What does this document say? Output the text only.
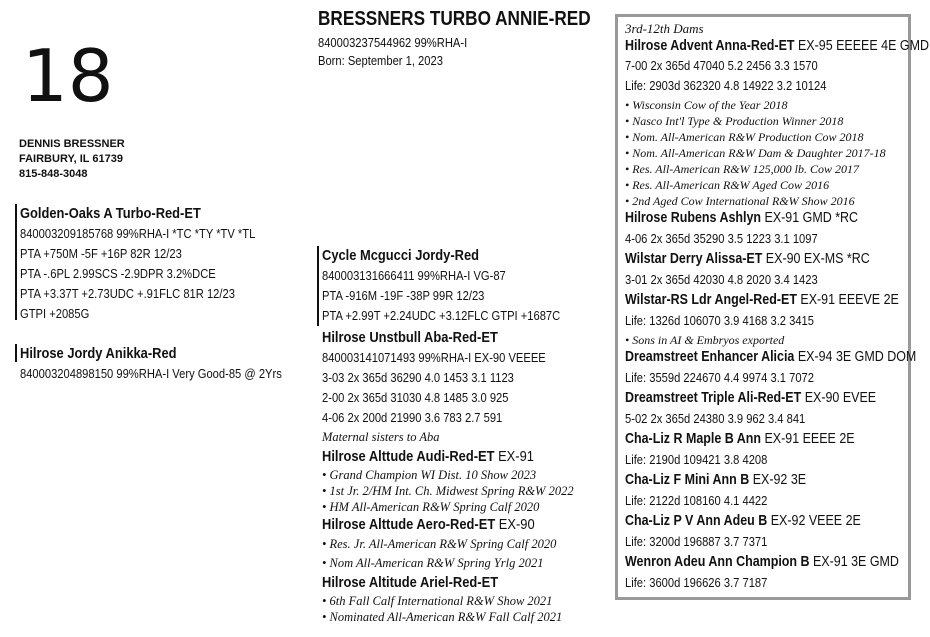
18
DENNIS BRESSNER
FAIRBURY, IL 61739
815-848-3048
BRESSNERS TURBO ANNIE-RED
840003237544962 99%RHA-I
Born: September 1, 2023
Golden-Oaks A Turbo-Red-ET
840003209185768 99%RHA-I *TC *TY *TV *TL
PTA +750M -5F +16P 82R 12/23
PTA -.6PL 2.99SCS -2.9DPR 3.2%DCE
PTA +3.37T +2.73UDC +.91FLC 81R 12/23
GTPI +2085G
Hilrose Jordy Anikka-Red
840003204898150 99%RHA-I Very Good-85 @ 2Yrs
Cycle Mcgucci Jordy-Red
840003131666411 99%RHA-I VG-87
PTA -916M -19F -38P 99R 12/23
PTA +2.99T +2.24UDC +3.12FLC GTPI +1687C
Hilrose Unstbull Aba-Red-ET
840003141071493 99%RHA-I EX-90 VEEEE
3-03 2x 365d 36290 4.0 1453 3.1 1123
2-00 2x 365d 31030 4.8 1485 3.0 925
4-06 2x 200d 21990 3.6 783 2.7 591
Maternal sisters to Aba
Hilrose Alttude Audi-Red-ET EX-91
• Grand Champion WI Dist. 10 Show 2023
• 1st Jr. 2/HM Int. Ch. Midwest Spring R&W 2022
• HM All-American R&W Spring Calf 2020
Hilrose Alttude Aero-Red-ET EX-90
• Res. Jr. All-American R&W Spring Calf 2020
• Nom All-American R&W Spring Yrlg 2021
Hilrose Altitude Ariel-Red-ET
• 6th Fall Calf International R&W Show 2021
• Nominated All-American R&W Fall Calf 2021
3rd-12th Dams
Hilrose Advent Anna-Red-ET EX-95 EEEEE 4E GMD
7-00 2x 365d 47040 5.2 2456 3.3 1570
Life: 2903d 362320 4.8 14922 3.2 10124
• Wisconsin Cow of the Year 2018
• Nasco Int'l Type & Production Winner 2018
• Nom. All-American R&W Production Cow 2018
• Nom. All-American R&W Dam & Daughter 2017-18
• Res. All-American R&W 125,000 lb. Cow 2017
• Res. All-American R&W Aged Cow 2016
• 2nd Aged Cow International R&W Show 2016
Hilrose Rubens Ashlyn EX-91 GMD *RC
4-06 2x 365d 35290 3.5 1223 3.1 1097
Wilstar Derry Alissa-ET EX-90 EX-MS *RC
3-01 2x 365d 42030 4.8 2020 3.4 1423
Wilstar-RS Ldr Angel-Red-ET EX-91 EEEVE 2E
Life: 1326d 106070 3.9 4168 3.2 3415
• Sons in AI & Embryos exported
Dreamstreet Enhancer Alicia EX-94 3E GMD DOM
Life: 3559d 224670 4.4 9974 3.1 7072
Dreamstreet Triple Ali-Red-ET EX-90 EVEE
5-02 2x 365d 24380 3.9 962 3.4 841
Cha-Liz R Maple B Ann EX-91 EEEE 2E
Life: 2190d 109421 3.8 4208
Cha-Liz F Mini Ann B EX-92 3E
Life: 2122d 108160 4.1 4422
Cha-Liz P V Ann Adeu B EX-92 VEEE 2E
Life: 3200d 196887 3.7 7371
Wenron Adeu Ann Champion B EX-91 3E GMD
Life: 3600d 196626 3.7 7187
